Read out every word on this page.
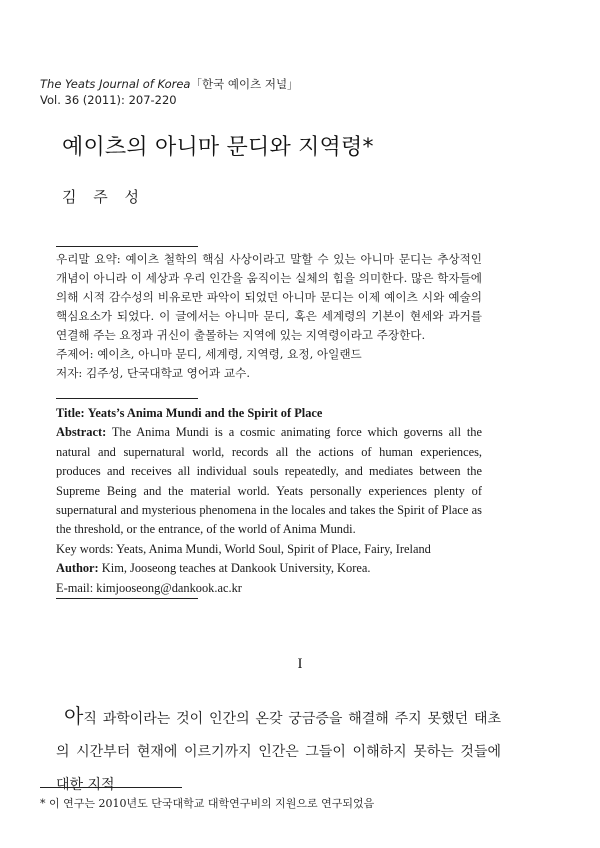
The Yeats Journal of Korea「한국 예이츠 저널」
Vol. 36 (2011): 207-220
예이츠의 아니마 문디와 지역령*
김 주 성

우리말 요약: 예이츠 철학의 핵심 사상이라고 말할 수 있는 아니마 문디는 추상적인 개념이 아니라 이 세상과 우리 인간을 움직이는 실체의 힘을 의미한다. 많은 학자들에 의해 시적 감수성의 비유로만 파악이 되었던 아니마 문디는 이제 예이츠 시와 예술의 핵심요소가 되었다. 이 글에서는 아니마 문디, 혹은 세계령의 기본이 현세와 과거를 연결해 주는 요정과 귀신이 출몰하는 지역에 있는 지역령이라고 주장한다.

주제어: 예이츠, 아니마 문디, 세계령, 지역령, 요정, 아일랜드

저자: 김주성, 단국대학교 영어과 교수.

Title: Yeats’s Anima Mundi and the Spirit of Place

Abstract: The Anima Mundi is a cosmic animating force which governs all the natural and supernatural world, records all the actions of human experiences, produces and receives all individual souls repeatedly, and mediates between the Supreme Being and the material world. Yeats personally experiences plenty of supernatural and mysterious phenomena in the locales and takes the Spirit of Place as the threshold, or the entrance, of the world of Anima Mundi.

Key words: Yeats, Anima Mundi, World Soul, Spirit of Place, Fairy, Ireland

Author: Kim, Jooseong teaches at Dankook University, Korea.

E-mail: kimjooseong@dankook.ac.kr

I

아직 과학이라는 것이 인간의 온갖 궁금증을 해결해 주지 못했던 태초의 시간부터 현재에 이르기까지 인간은 그들이 이해하지 못하는 것들에 대한 지적

* 이 연구는 2010년도 단국대학교 대학연구비의 지원으로 연구되었음
